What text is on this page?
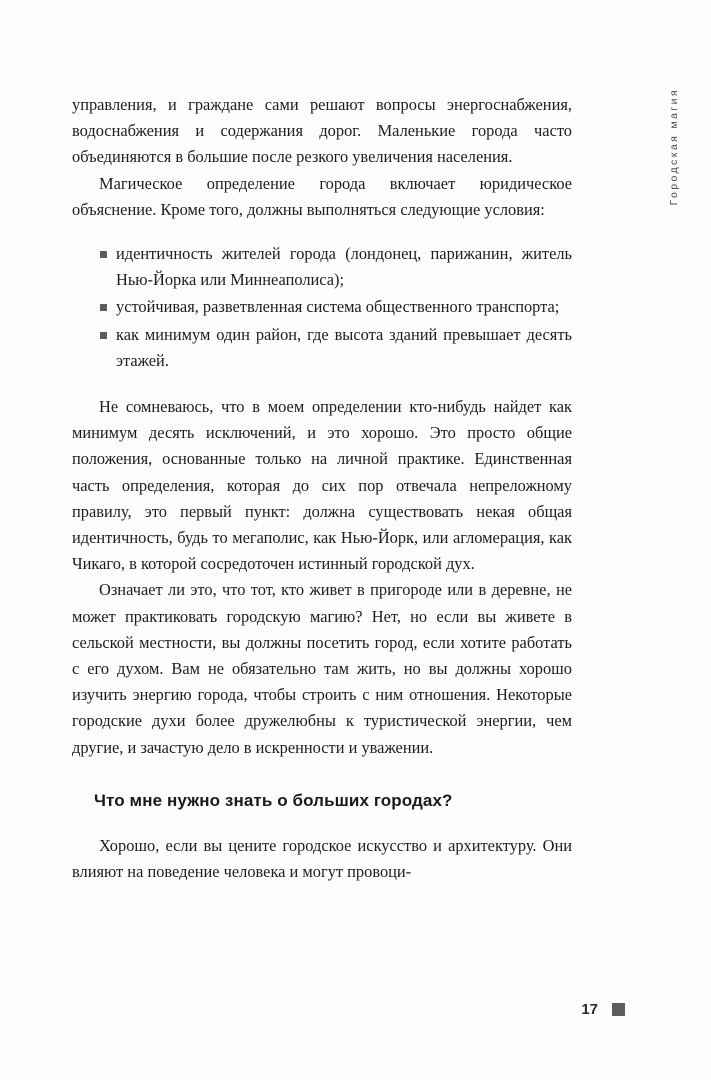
Городская магия

управления, и граждане сами решают вопросы энергоснабжения, водоснабжения и содержания дорог. Маленькие города часто объединяются в большие после резкого увеличения населения.

Магическое определение города включает юридическое объяснение. Кроме того, должны выполняться следующие условия:

идентичность жителей города (лондонец, парижанин, житель Нью-Йорка или Миннеаполиса);
устойчивая, разветвленная система общественного транспорта;
как минимум один район, где высота зданий превышает десять этажей.

Не сомневаюсь, что в моем определении кто-нибудь найдет как минимум десять исключений, и это хорошо. Это просто общие положения, основанные только на личной практике. Единственная часть определения, которая до сих пор отвечала непреложному правилу, это первый пункт: должна существовать некая общая идентичность, будь то мегаполис, как Нью-Йорк, или агломерация, как Чикаго, в которой сосредоточен истинный городской дух.

Означает ли это, что тот, кто живет в пригороде или в деревне, не может практиковать городскую магию? Нет, но если вы живете в сельской местности, вы должны посетить город, если хотите работать с его духом. Вам не обязательно там жить, но вы должны хорошо изучить энергию города, чтобы строить с ним отношения. Некоторые городские духи более дружелюбны к туристической энергии, чем другие, и зачастую дело в искренности и уважении.

Что мне нужно знать о больших городах?

Хорошо, если вы цените городское искусство и архитектуру. Они влияют на поведение человека и могут провоци-

17
